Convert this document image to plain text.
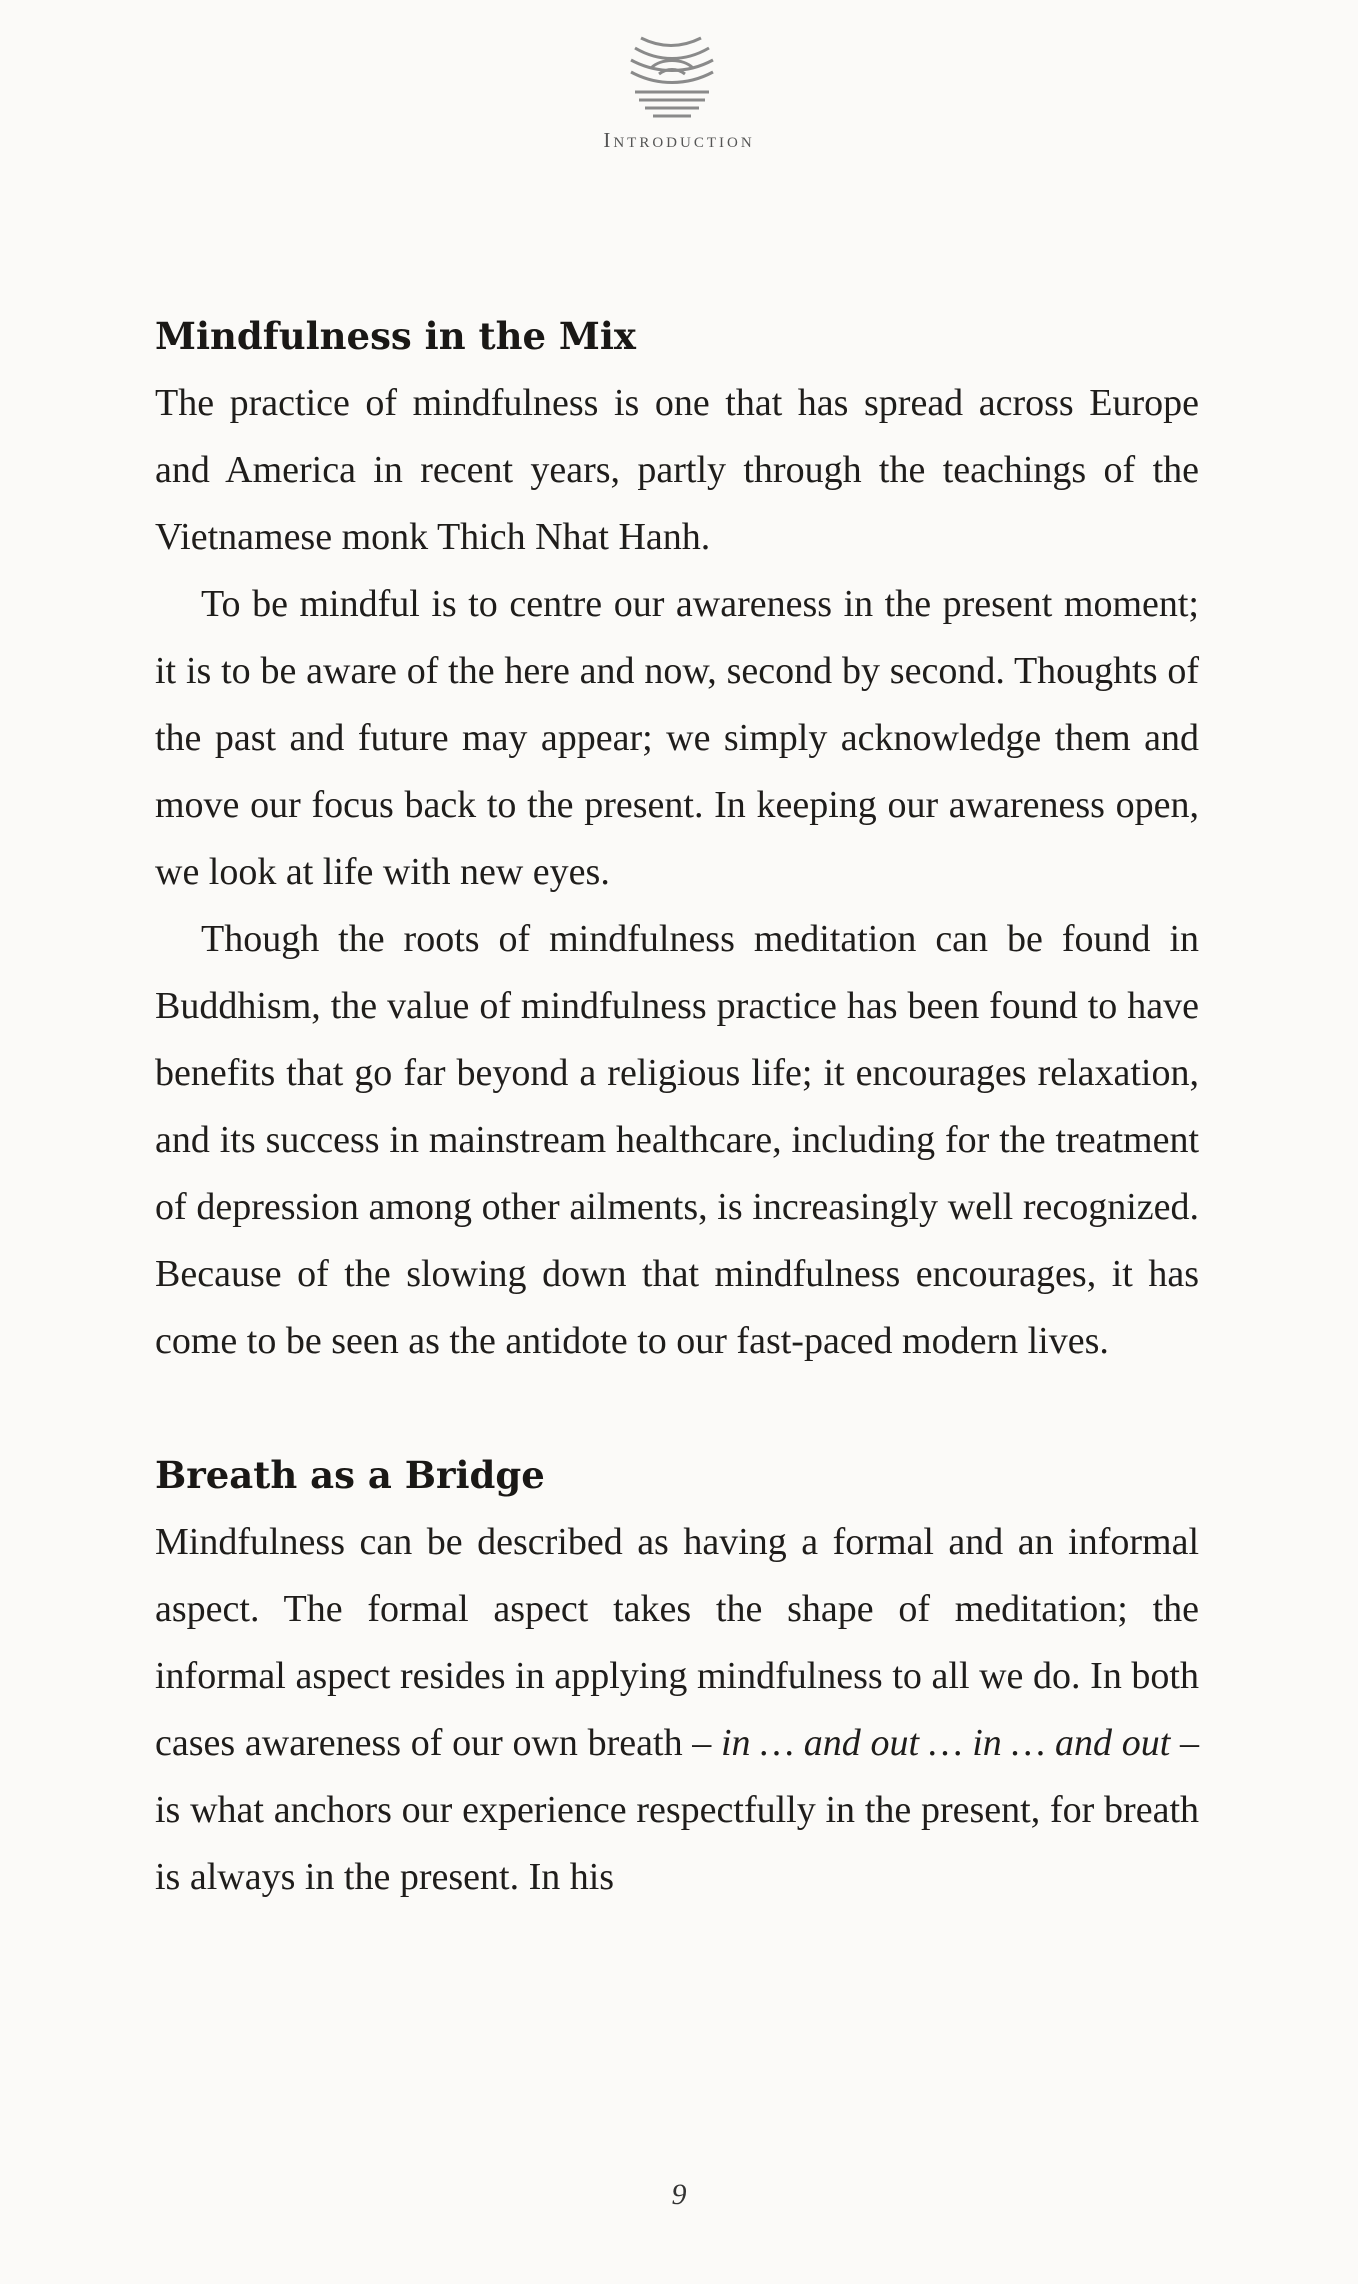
Introduction
Mindfulness in the Mix

The practice of mindfulness is one that has spread across Europe and America in recent years, partly through the teachings of the Vietnamese monk Thich Nhat Hanh.

To be mindful is to centre our awareness in the present moment; it is to be aware of the here and now, second by second. Thoughts of the past and future may appear; we simply acknowledge them and move our focus back to the present. In keeping our awareness open, we look at life with new eyes.

Though the roots of mindfulness meditation can be found in Buddhism, the value of mindfulness practice has been found to have benefits that go far beyond a religious life; it encourages relaxation, and its success in mainstream healthcare, including for the treatment of depression among other ailments, is increasingly well recognized. Because of the slowing down that mindfulness encourages, it has come to be seen as the antidote to our fast-paced modern lives.

Breath as a Bridge

Mindfulness can be described as having a formal and an informal aspect. The formal aspect takes the shape of meditation; the informal aspect resides in applying mindfulness to all we do. In both cases awareness of our own breath – in … and out … in … and out – is what anchors our experience respectfully in the present, for breath is always in the present. In his

9
